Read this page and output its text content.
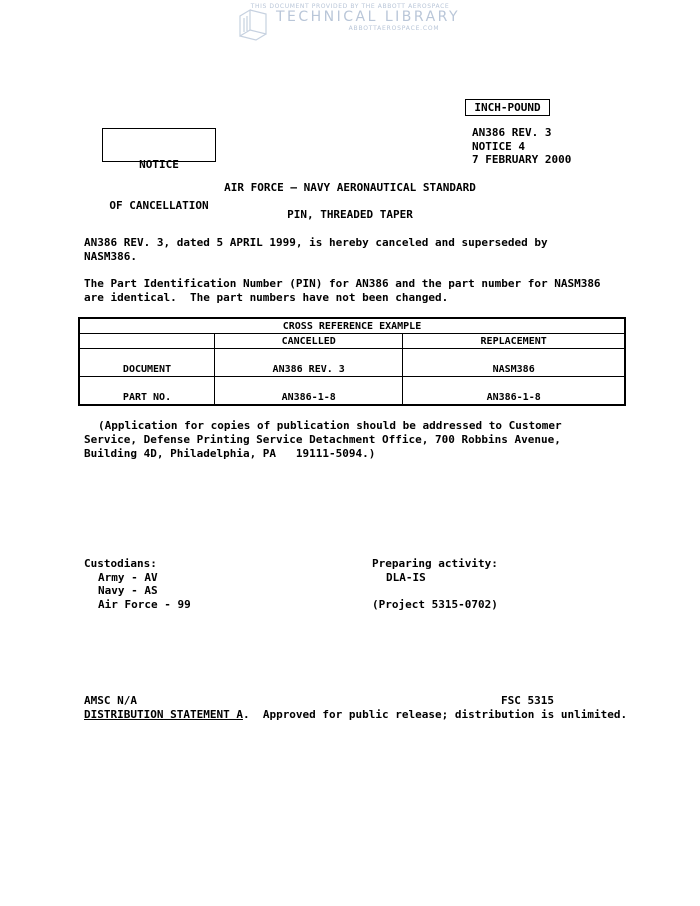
THIS DOCUMENT PROVIDED BY THE ABBOTT AEROSPACE
TECHNICAL LIBRARY
ABBOTTAEROSPACE.COM
INCH-POUND

NOTICE

OF CANCELLATION

AN386 REV. 3
NOTICE 4
7 FEBRUARY 2000
AIR FORCE – NAVY AERONAUTICAL STANDARD
PIN, THREADED TAPER
AN386 REV. 3, dated 5 APRIL 1999, is hereby canceled and superseded by
NASM386.
The Part Identification Number (PIN) for AN386 and the part number for NASM386
are identical.  The part numbers have not been changed.
CROSS REFERENCE EXAMPLE		
	CANCELLED	REPLACEMENT
DOCUMENT	AN386 REV. 3	NASM386
PART NO.	AN386-1-8	AN386-1-8
(Application for copies of publication should be addressed to Customer
Service, Defense Printing Service Detachment Office, 700 Robbins Avenue,
Building 4D, Philadelphia, PA   19111-5094.)
Custodians:
Army - AV
Navy - AS
Air Force - 99
Preparing activity:
DLA-IS
(Project 5315-0702)
AMSC N/A	FSC 5315
DISTRIBUTION STATEMENT A.  Approved for public release; distribution is unlimited.
